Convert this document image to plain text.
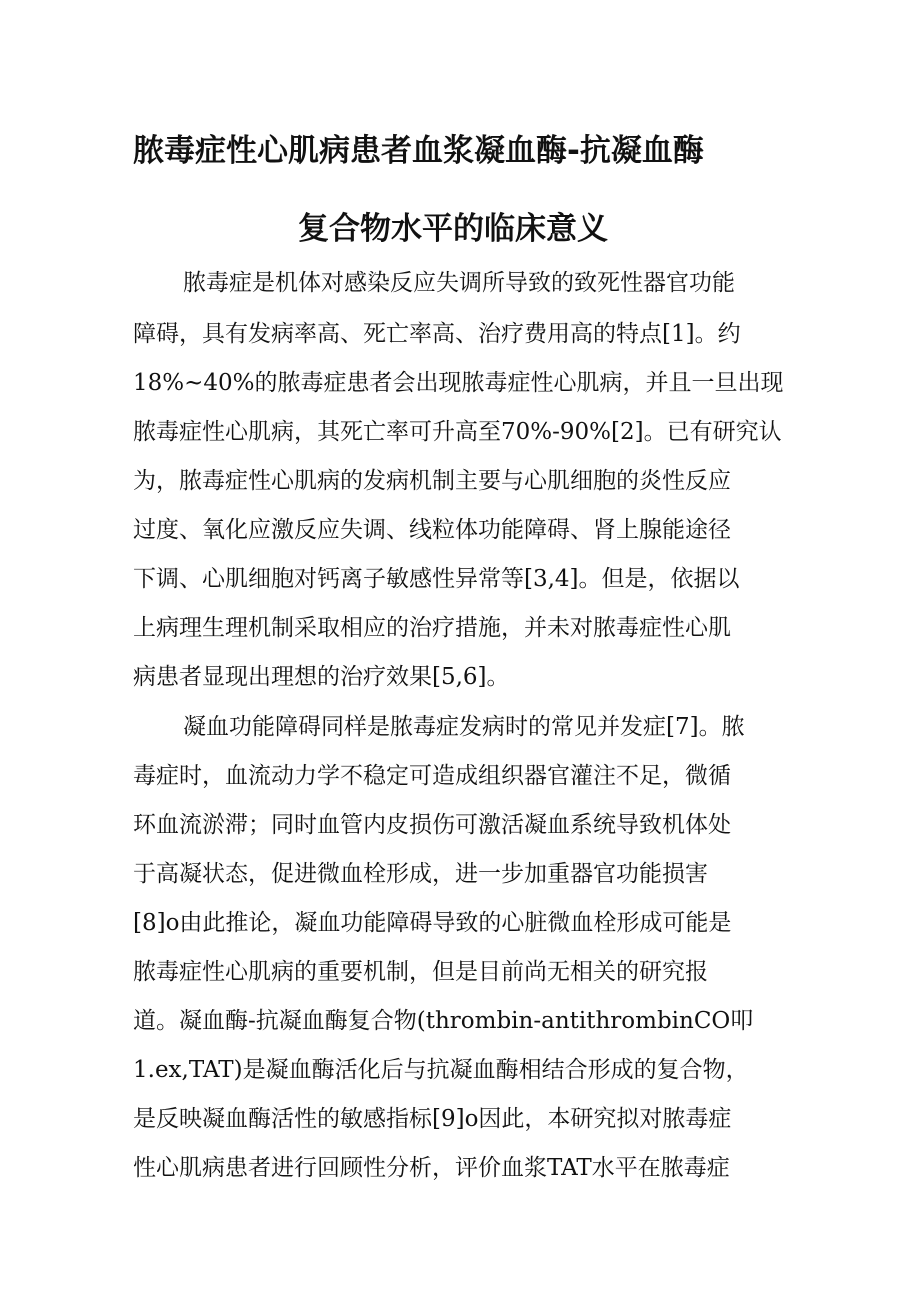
脓毒症性心肌病患者血浆凝血酶-抗凝血酶
复合物水平的临床意义
脓毒症是机体对感染反应失调所导致的致死性器官功能
障碍，具有发病率高、死亡率高、治疗费用高的特点[1]。约
18%~40%的脓毒症患者会出现脓毒症性心肌病，并且一旦出现
脓毒症性心肌病，其死亡率可升高至70%-90%[2]。已有研究认
为，脓毒症性心肌病的发病机制主要与心肌细胞的炎性反应
过度、氧化应激反应失调、线粒体功能障碍、肾上腺能途径
下调、心肌细胞对钙离子敏感性异常等[3,4]。但是，依据以
上病理生理机制采取相应的治疗措施，并未对脓毒症性心肌
病患者显现出理想的治疗效果[5,6]。
凝血功能障碍同样是脓毒症发病时的常见并发症[7]。脓
毒症时，血流动力学不稳定可造成组织器官灌注不足，微循
环血流淤滞；同时血管内皮损伤可激活凝血系统导致机体处
于高凝状态，促进微血栓形成，进一步加重器官功能损害
[8]o由此推论，凝血功能障碍导致的心脏微血栓形成可能是
脓毒症性心肌病的重要机制，但是目前尚无相关的研究报
道。凝血酶-抗凝血酶复合物(thrombin-antithrombinCO叩
1.ex,TAT)是凝血酶活化后与抗凝血酶相结合形成的复合物，
是反映凝血酶活性的敏感指标[9]o因此，本研究拟对脓毒症
性心肌病患者进行回顾性分析，评价血浆TAT水平在脓毒症
